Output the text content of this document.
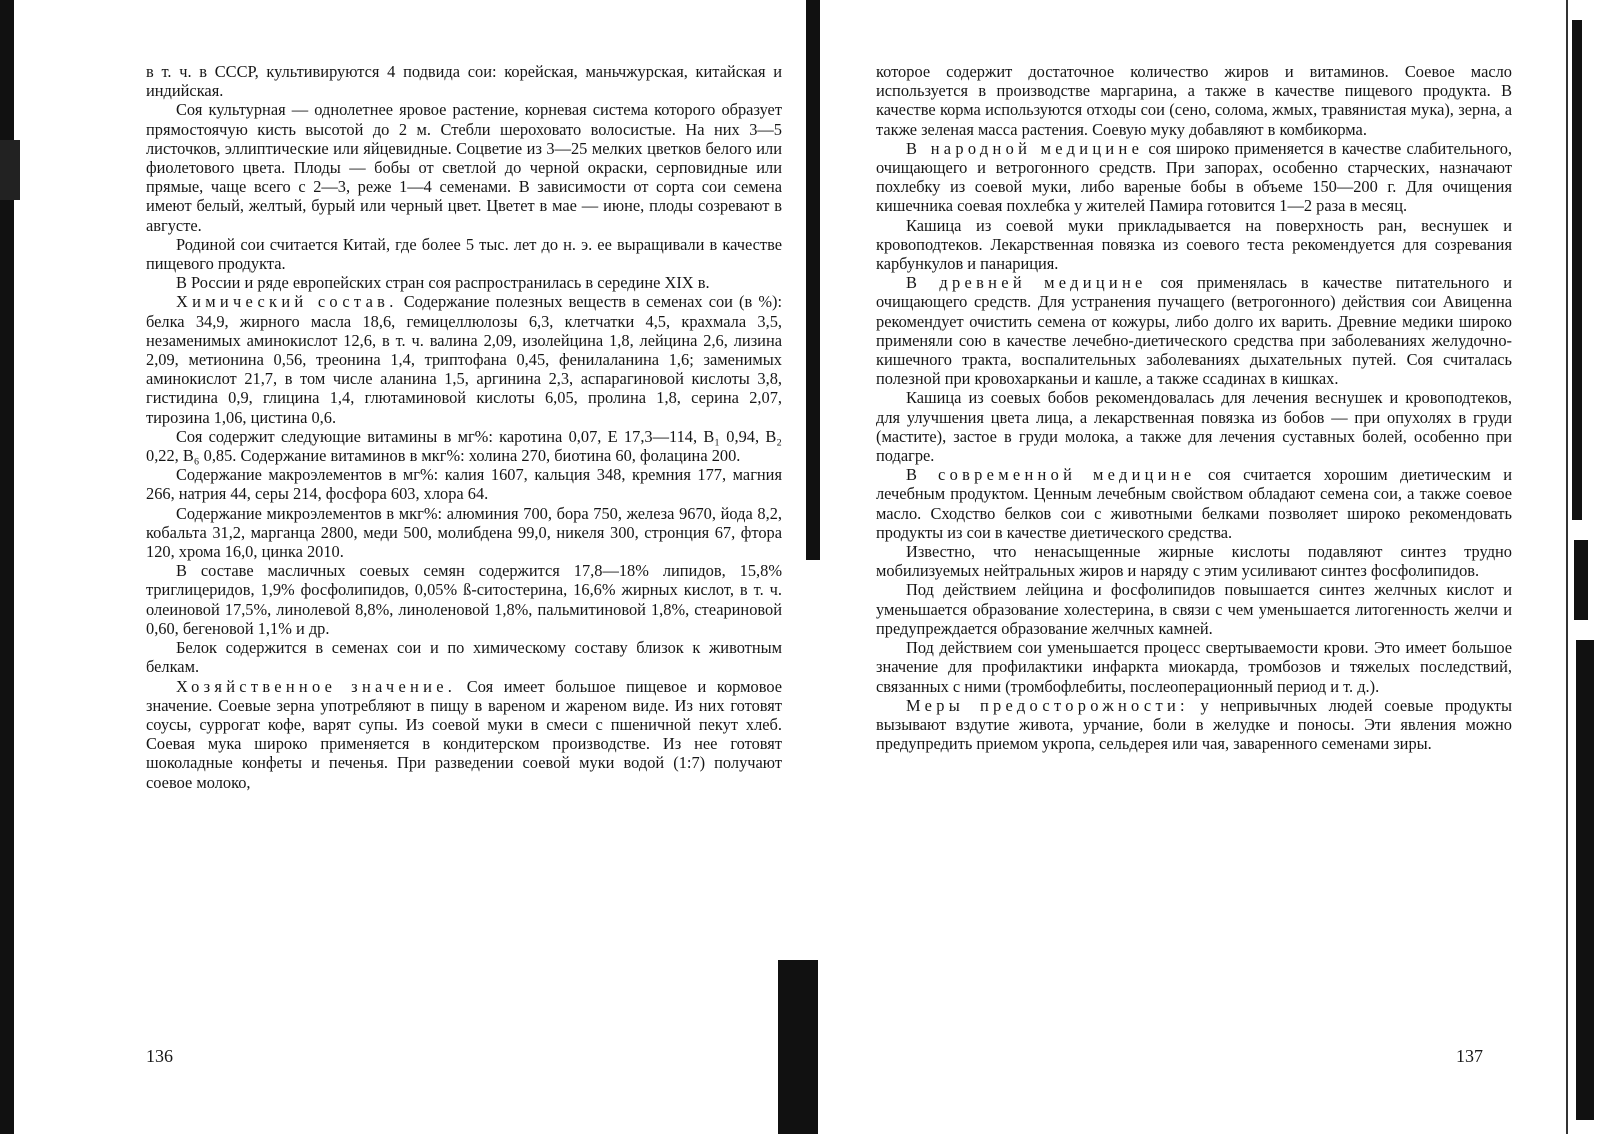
в т. ч. в СССР, культивируются 4 подвида сои: корейская, маньчжурская, китайская и индийская.

Соя культурная — однолетнее яровое растение, корневая система которого образует прямостоячую кисть высотой до 2 м. Стебли шероховато волосистые. На них 3—5 листочков, эллиптические или яйцевидные. Соцветие из 3—25 мелких цветков белого или фиолетового цвета. Плоды — бобы от светлой до черной окраски, серповидные или прямые, чаще всего с 2—3, реже 1—4 семенами. В зависимости от сорта сои семена имеют белый, желтый, бурый или черный цвет. Цветет в мае — июне, плоды созревают в августе.

Родиной сои считается Китай, где более 5 тыс. лет до н. э. ее выращивали в качестве пищевого продукта.

В России и ряде европейских стран соя распространилась в середине XIX в.

Химический состав. Содержание полезных веществ в семенах сои (в %): белка 34,9, жирного масла 18,6, гемицеллюлозы 6,3, клетчатки 4,5, крахмала 3,5, незаменимых аминокислот 12,6, в т. ч. валина 2,09, изолейцина 1,8, лейцина 2,6, лизина 2,09, метионина 0,56, треонина 1,4, триптофана 0,45, фенилаланина 1,6; заменимых аминокислот 21,7, в том числе аланина 1,5, аргинина 2,3, аспарагиновой кислоты 3,8, гистидина 0,9, глицина 1,4, глютаминовой кислоты 6,05, пролина 1,8, серина 2,07, тирозина 1,06, цистина 0,6.

Соя содержит следующие витамины в мг%: каротина 0,07, Е 17,3—114, B₁ 0,94, B₂ 0,22, B₆ 0,85. Содержание витаминов в мкг%: холина 270, биотина 60, фолацина 200.

Содержание макроэлементов в мг%: калия 1607, кальция 348, кремния 177, магния 266, натрия 44, серы 214, фосфора 603, хлора 64.

Содержание микроэлементов в мкг%: алюминия 700, бора 750, железа 9670, йода 8,2, кобальта 31,2, марганца 2800, меди 500, молибдена 99,0, никеля 300, стронция 67, фтора 120, хрома 16,0, цинка 2010.

В составе масличных соевых семян содержится 17,8—18% липидов, 15,8% триглицеридов, 1,9% фосфолипидов, 0,05% ß-ситостерина, 16,6% жирных кислот, в т. ч. олеиновой 17,5%, линолевой 8,8%, линоленовой 1,8%, пальмитиновой 1,8%, стеариновой 0,60, бегеновой 1,1% и др.

Белок содержится в семенах сои и по химическому составу близок к животным белкам.

Хозяйственное значение. Соя имеет большое пищевое и кормовое значение. Соевые зерна употребляют в пищу в вареном и жареном виде. Из них готовят соусы, суррогат кофе, варят супы. Из соевой муки в смеси с пшеничной пекут хлеб. Соевая мука широко применяется в кондитерском производстве. Из нее готовят шоколадные конфеты и печенья. При разведении соевой муки водой (1:7) получают соевое молоко,

136

которое содержит достаточное количество жиров и витаминов. Соевое масло используется в производстве маргарина, а также в качестве пищевого продукта. В качестве корма используются отходы сои (сено, солома, жмых, травянистая мука), зерна, а также зеленая масса растения. Соевую муку добавляют в комбикорма.

В народной медицине соя широко применяется в качестве слабительного, очищающего и ветрогонного средств. При запорах, особенно старческих, назначают похлебку из соевой муки, либо вареные бобы в объеме 150—200 г. Для очищения кишечника соевая похлебка у жителей Памира готовится 1—2 раза в месяц.

Кашица из соевой муки прикладывается на поверхность ран, веснушек и кровоподтеков. Лекарственная повязка из соевого теста рекомендуется для созревания карбункулов и панариция.

В древней медицине соя применялась в качестве питательного и очищающего средств. Для устранения пучащего (ветрогонного) действия сои Авиценна рекомендует очистить семена от кожуры, либо долго их варить. Древние медики широко применяли сою в качестве лечебно-диетического средства при заболеваниях желудочно-кишечного тракта, воспалительных заболеваниях дыхательных путей. Соя считалась полезной при кровохарканьи и кашле, а также ссадинах в кишках.

Кашица из соевых бобов рекомендовалась для лечения веснушек и кровоподтеков, для улучшения цвета лица, а лекарственная повязка из бобов — при опухолях в груди (мастите), застое в груди молока, а также для лечения суставных болей, особенно при подагре.

В современной медицине соя считается хорошим диетическим и лечебным продуктом. Ценным лечебным свойством обладают семена сои, а также соевое масло. Сходство белков сои с животными белками позволяет широко рекомендовать продукты из сои в качестве диетического средства.

Известно, что ненасыщенные жирные кислоты подавляют синтез трудно мобилизуемых нейтральных жиров и наряду с этим усиливают синтез фосфолипидов.

Под действием лейцина и фосфолипидов повышается синтез желчных кислот и уменьшается образование холестерина, в связи с чем уменьшается литогенность желчи и предупреждается образование желчных камней.

Под действием сои уменьшается процесс свертываемости крови. Это имеет большое значение для профилактики инфаркта миокарда, тромбозов и тяжелых последствий, связанных с ними (тромбофлебиты, послеоперационный период и т. д.).

Меры предосторожности: у непривычных людей соевые продукты вызывают вздутие живота, урчание, боли в желудке и поносы. Эти явления можно предупредить приемом укропа, сельдерея или чая, заваренного семенами зиры.

137
